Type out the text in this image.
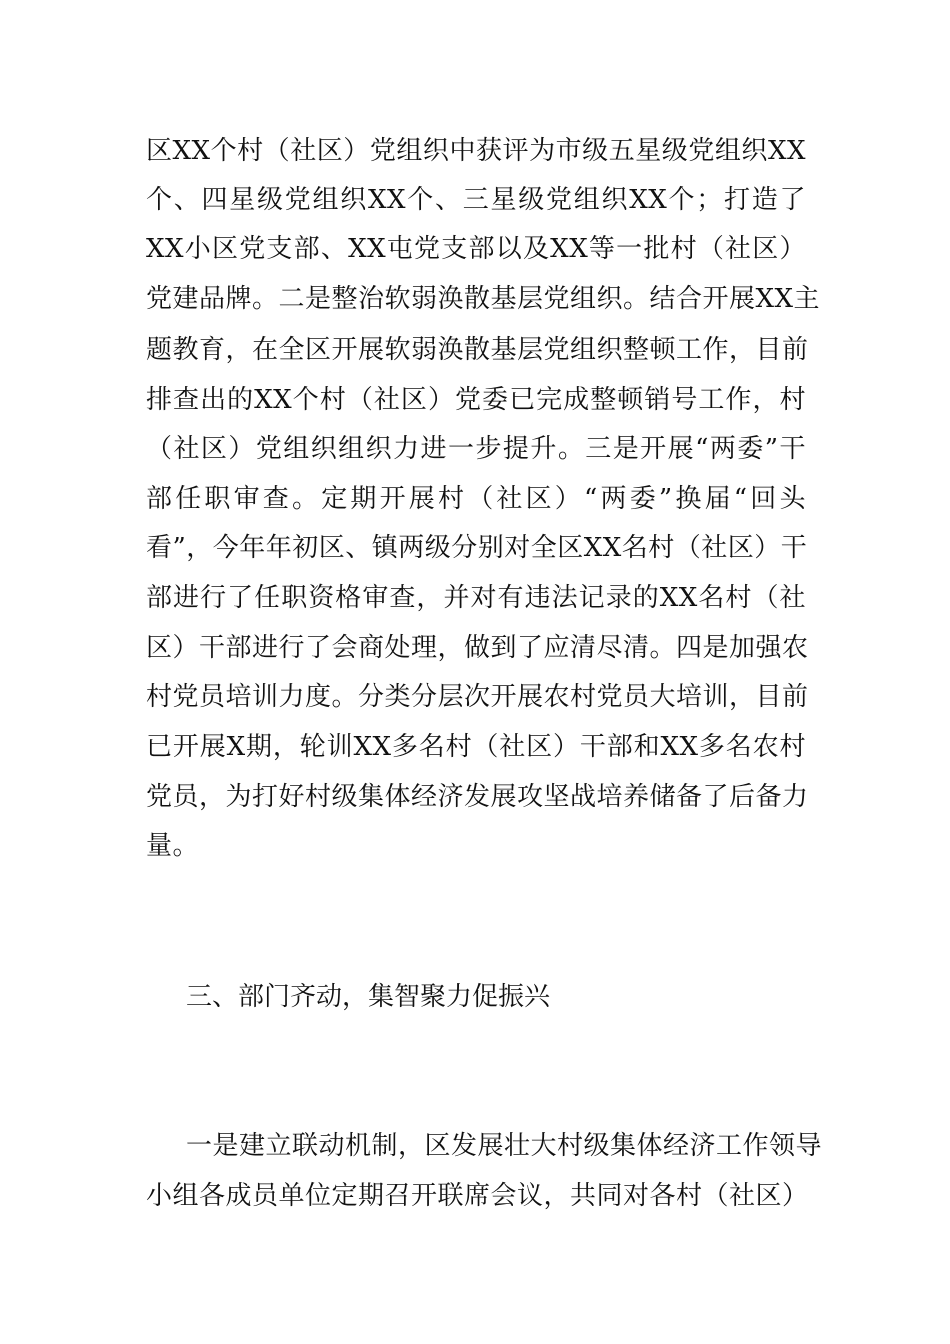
区XX个村（社区）党组织中获评为市级五星级党组织XX
个、四星级党组织XX个、三星级党组织XX个；打造了
XX小区党支部、XX屯党支部以及XX等一批村（社区）
党建品牌。二是整治软弱涣散基层党组织。结合开展XX主
题教育，在全区开展软弱涣散基层党组织整顿工作，目前
排查出的XX个村（社区）党委已完成整顿销号工作，村
（社区）党组织组织力进一步提升。三是开展“两委”干
部任职审查。定期开展村（社区）“两委”换届“回头
看”，今年年初区、镇两级分别对全区XX名村（社区）干
部进行了任职资格审查，并对有违法记录的XX名村（社
区）干部进行了会商处理，做到了应清尽清。四是加强农
村党员培训力度。分类分层次开展农村党员大培训，目前
已开展X期，轮训XX多名村（社区）干部和XX多名农村
党员，为打好村级集体经济发展攻坚战培养储备了后备力
量。
三、部门齐动，集智聚力促振兴
一是建立联动机制，区发展壮大村级集体经济工作领导
小组各成员单位定期召开联席会议，共同对各村（社区）
